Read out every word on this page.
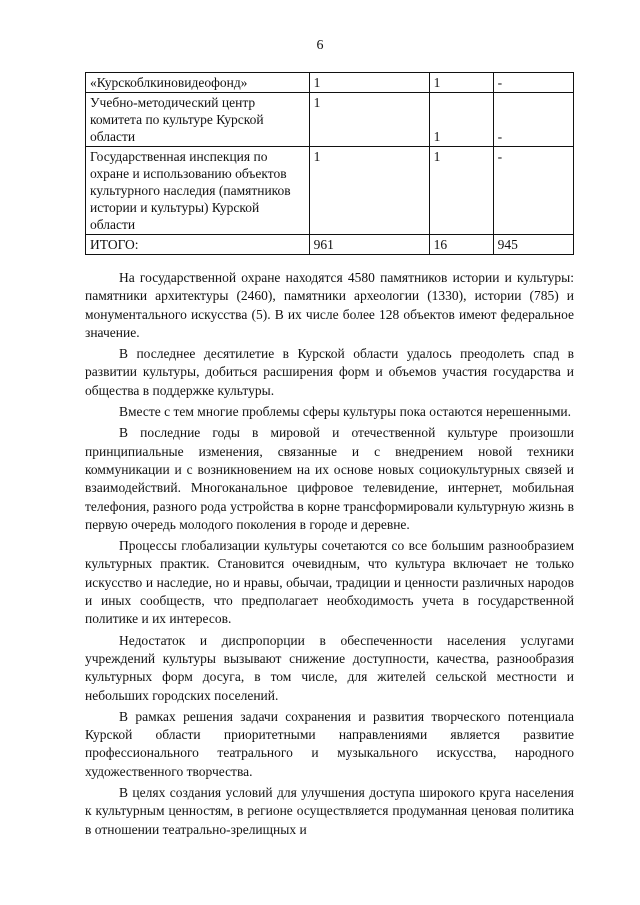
6
«Курскоблкиновидеофонд»	1	1	-
Учебно-методический центр комитета по культуре Курской области	1	1	-
Государственная инспекция по охране и использованию объектов культурного наследия (памятников истории и культуры) Курской области	1	1	-
ИТОГО:	961	16	945

На государственной охране находятся 4580 памятников истории и культуры: памятники архитектуры (2460), памятники археологии (1330), истории (785) и монументального искусства (5). В их числе более 128 объектов имеют федеральное значение.

В последнее десятилетие в Курской области удалось преодолеть спад в развитии культуры, добиться расширения форм и объемов участия государства и общества в поддержке культуры.

Вместе с тем многие проблемы сферы культуры пока остаются нерешенными.

В последние годы в мировой и отечественной культуре произошли принципиальные изменения, связанные и с внедрением новой техники коммуникации и с возникновением на их основе новых социокультурных связей и взаимодействий. Многоканальное цифровое телевидение, интернет, мобильная телефония, разного рода устройства в корне трансформировали культурную жизнь в первую очередь молодого поколения в городе и деревне.

Процессы глобализации культуры сочетаются со все большим разнообразием культурных практик. Становится очевидным, что культура включает не только искусство и наследие, но и нравы, обычаи, традиции и ценности различных народов и иных сообществ, что предполагает необходимость учета в государственной политике и их интересов.

Недостаток и диспропорции в обеспеченности населения услугами учреждений культуры вызывают снижение доступности, качества, разнообразия культурных форм досуга, в том числе, для жителей сельской местности и небольших городских поселений.

В рамках решения задачи сохранения и развития творческого потенциала Курской области приоритетными направлениями является развитие профессионального театрального и музыкального искусства, народного художественного творчества.

В целях создания условий для улучшения доступа широкого круга населения к культурным ценностям, в регионе осуществляется продуманная ценовая политика в отношении театрально-зрелищных и
